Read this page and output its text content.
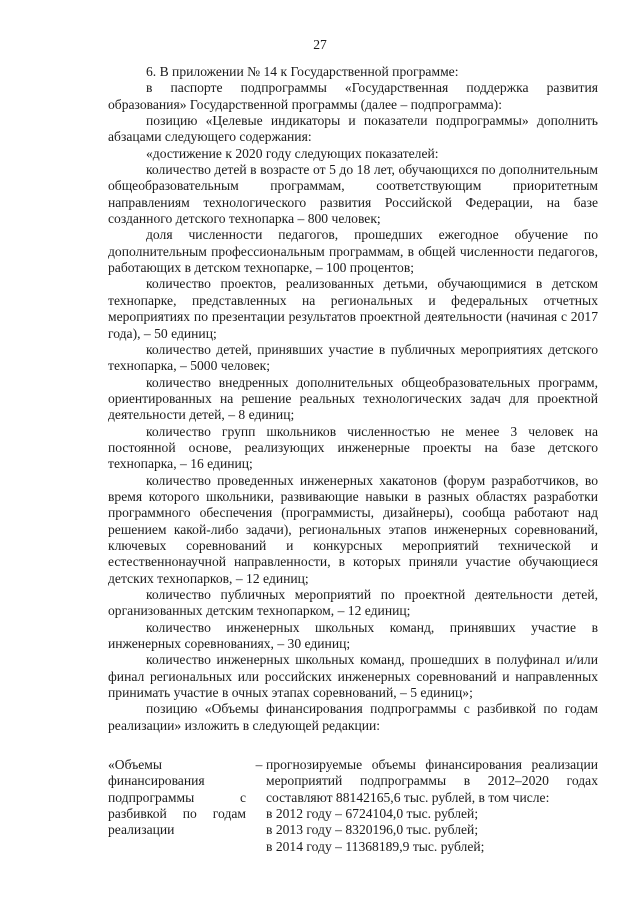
27

6. В приложении № 14 к Государственной программе:

в паспорте подпрограммы «Государственная поддержка развития образования» Государственной программы (далее – подпрограмма):

позицию «Целевые индикаторы и показатели подпрограммы» дополнить абзацами следующего содержания:

«достижение к 2020 году следующих показателей:

количество детей в возрасте от 5 до 18 лет, обучающихся по дополнительным общеобразовательным программам, соответствующим приоритетным направлениям технологического развития Российской Федерации, на базе созданного детского технопарка – 800 человек;

доля численности педагогов, прошедших ежегодное обучение по дополнительным профессиональным программам, в общей численности педагогов, работающих в детском технопарке, – 100 процентов;

количество проектов, реализованных детьми, обучающимися в детском технопарке, представленных на региональных и федеральных отчетных мероприятиях по презентации результатов проектной деятельности (начиная с 2017 года), – 50 единиц;

количество детей, принявших участие в публичных мероприятиях детского технопарка, – 5000 человек;

количество внедренных дополнительных общеобразовательных программ, ориентированных на решение реальных технологических задач для проектной деятельности детей, – 8 единиц;

количество групп школьников численностью не менее 3 человек на постоянной основе, реализующих инженерные проекты на базе детского технопарка, – 16 единиц;

количество проведенных инженерных хакатонов (форум разработчиков, во время которого школьники, развивающие навыки в разных областях разработки программного обеспечения (программисты, дизайнеры), сообща работают над решением какой-либо задачи), региональных этапов инженерных соревнований, ключевых соревнований и конкурсных мероприятий технической и естественнонаучной направленности, в которых приняли участие обучающиеся детских технопарков, – 12 единиц;

количество публичных мероприятий по проектной деятельности детей, организованных детским технопарком, – 12 единиц;

количество инженерных школьных команд, принявших участие в инженерных соревнованиях, – 30 единиц;

количество инженерных школьных команд, прошедших в полуфинал и/или финал региональных или российских инженерных соревнований и направленных принимать участие в очных этапах соревнований, – 5 единиц»;

позицию «Объемы финансирования подпрограммы с разбивкой по годам реализации» изложить в следующей редакции:

«Объемы финансирования подпрограммы с разбивкой по годам реализации
– прогнозируемые объемы финансирования реализации мероприятий подпрограммы в 2012–2020 годах составляют 88142165,6 тыс. рублей, в том числе:

в 2012 году – 6724104,0 тыс. рублей;

в 2013 году – 8320196,0 тыс. рублей;

в 2014 году – 11368189,9 тыс. рублей;
